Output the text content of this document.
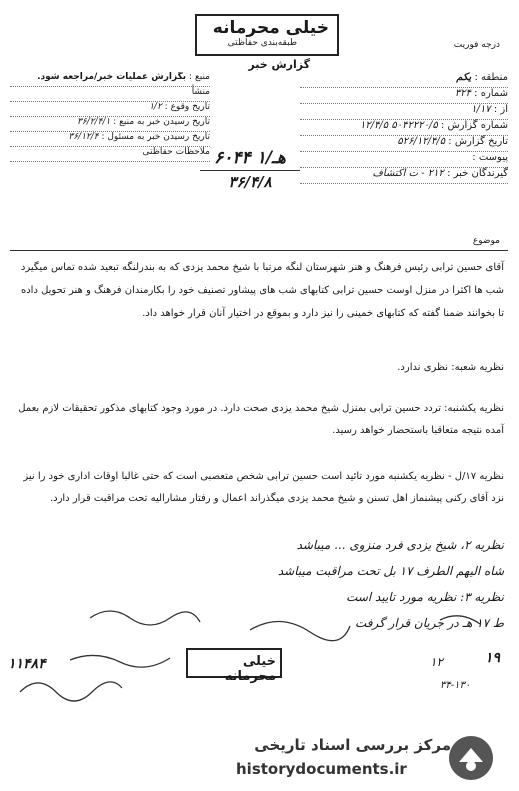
خیلی محرمانه
طبقه‌بندی حفاظتی
گزارش خبر
درجه فوریت
منطقه : یکم
شماره : ۳۲۴
از : ۱/۱۷
شماره گزارش : ۵۰۴۲۲۲۰/۵ ۱۲/۴/۵
تاریخ گزارش : ۵۲۶/۱۲/۴/۵
پیوست :
گیرندگان خبر : ۲۱۲ - ت اکتشاف
منبع : بگزارش عملیات خبر/مراجعه شود.
منشأ
تاریخ وقوع : ۱/۲
تاریخ رسیدن خبر به منبع : ۳۶/۲/۴/۱
تاریخ رسیدن خبر به مسئول : ۳۶/۱۲/۴
ملاحظات حفاظتی ۶۰۴۴ هـ/۱
۳۶/۴/۸
موضوع
آقای حسین ترابی رئیس فرهنگ و هنر شهرستان لنگه مرتبا با شیخ محمد یزدی که به بندرلنگه تبعید شده تماس میگیرد شب ها اکثرا در منزل اوست حسین ترابی کتابهای شب های پیشاور تصنیف خود را بکارمندان فرهنگ و هنر تحویل داده تا بخوانند ضمنا گفته که کتابهای خمینی را نیز دارد و بموقع در اختیار آنان قرار خواهد داد.
نظریه شعبه: نظری ندارد.
نظریه یکشنبه: تردد حسین ترابی بمنزل شیخ محمد یزدی صحت دارد. در مورد وجود کتابهای مذکور تحقیقات لازم بعمل آمده نتیجه متعاقبا باستحضار خواهد رسید.
نظریه ۱۷/ل - نظریه یکشنبه مورد تائید است حسین ترابی شخص متعصبی است که حتی غالبا اوقات اداری خود را نیز نزد آقای رکنی پیشنماز اهل تسنن و شیخ محمد یزدی میگذراند اعمال و رفتار مشارالیه تحت مراقبت قرار دارد.
نظریه ۲، شیخ یزدی فرد منزوی ... میباشد
شاه الیهم الطرف ۱۷ بل تحت مراقبت میباشد
نظریه ۳: نظریه مورد تایید است
ط ۱۷ هـ در جریان قرار گرفت
خیلی محرمانه
۱۱۴۸۴	۱۲	۱۹
۳۴-۱۳۰
مرکز بررسی اسناد تاریخی
historydocuments.ir
